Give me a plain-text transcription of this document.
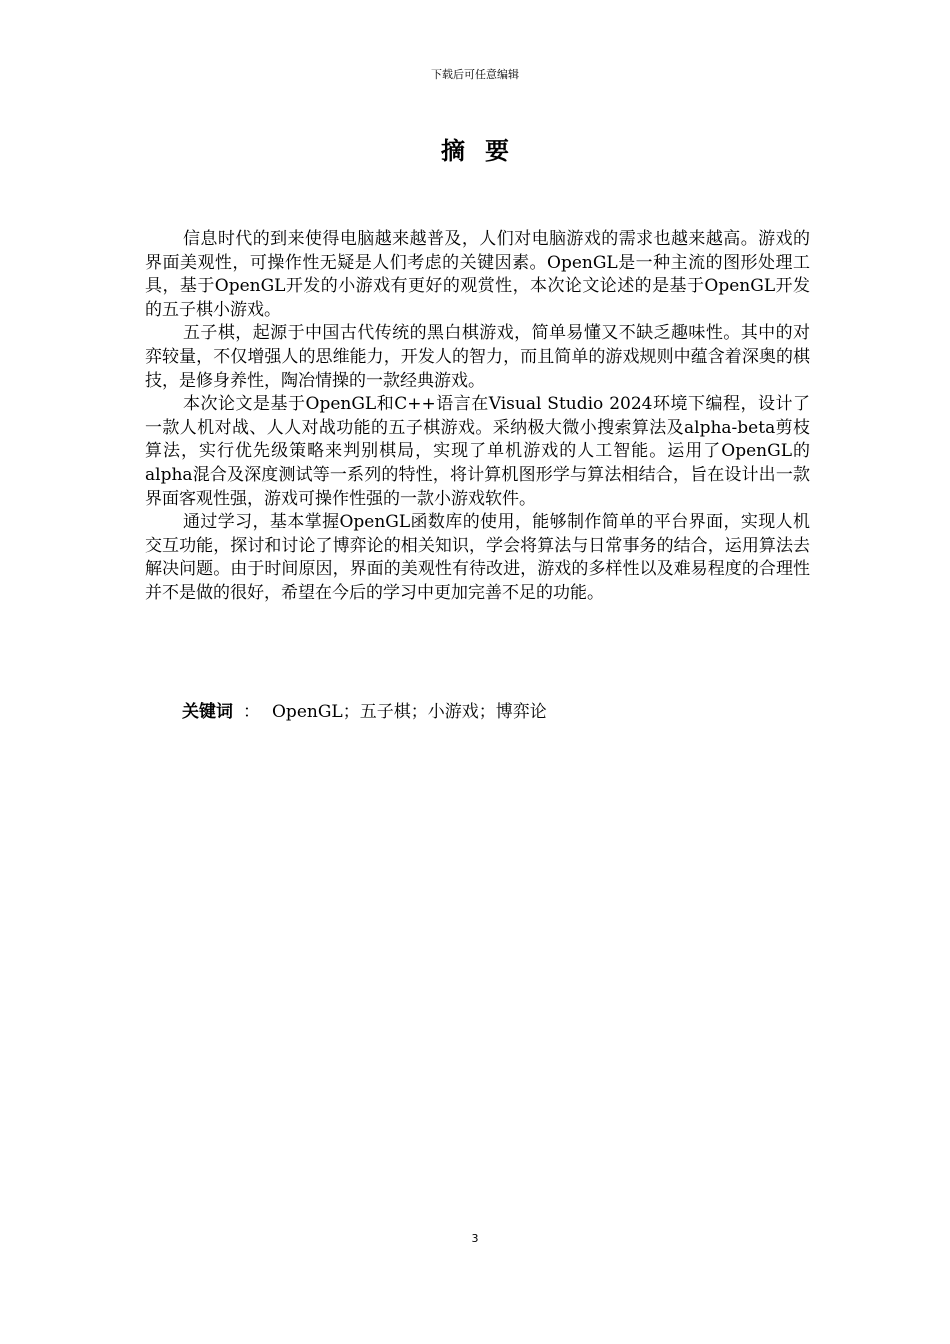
下载后可任意编辑
摘要

信息时代的到来使得电脑越来越普及，人们对电脑游戏的需求也越来越高。游戏的界面美观性，可操作性无疑是人们考虑的关键因素。OpenGL是一种主流的图形处理工具，基于OpenGL开发的小游戏有更好的观赏性，本次论文论述的是基于OpenGL开发的五子棋小游戏。

五子棋，起源于中国古代传统的黑白棋游戏，简单易懂又不缺乏趣味性。其中的对弈较量，不仅增强人的思维能力，开发人的智力，而且简单的游戏规则中蕴含着深奥的棋技，是修身养性，陶冶情操的一款经典游戏。

本次论文是基于OpenGL和C++语言在Visual Studio 2024环境下编程，设计了一款人机对战、人人对战功能的五子棋游戏。采纳极大微小搜索算法及alpha-beta剪枝算法，实行优先级策略来判别棋局，实现了单机游戏的人工智能。运用了OpenGL的alpha混合及深度测试等一系列的特性，将计算机图形学与算法相结合，旨在设计出一款界面客观性强，游戏可操作性强的一款小游戏软件。

通过学习，基本掌握OpenGL函数库的使用，能够制作简单的平台界面，实现人机交互功能，探讨和讨论了博弈论的相关知识，学会将算法与日常事务的结合，运用算法去解决问题。由于时间原因，界面的美观性有待改进，游戏的多样性以及难易程度的合理性并不是做的很好，希望在今后的学习中更加完善不足的功能。

关键词 ： OpenGL；五子棋；小游戏；博弈论
3
